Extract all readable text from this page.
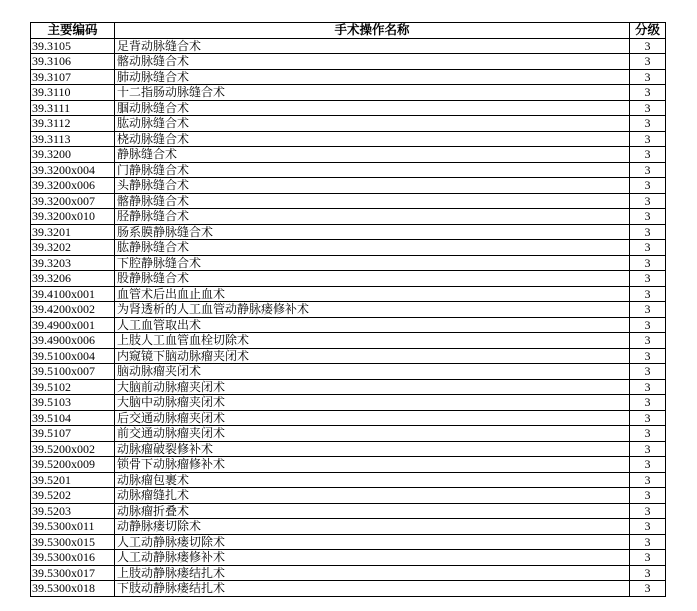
主要编码	手术操作名称	分级
39.3105	足背动脉缝合术	3
39.3106	髂动脉缝合术	3
39.3107	肺动脉缝合术	3
39.3110	十二指肠动脉缝合术	3
39.3111	腘动脉缝合术	3
39.3112	肱动脉缝合术	3
39.3113	桡动脉缝合术	3
39.3200	静脉缝合术	3
39.3200x004	门静脉缝合术	3
39.3200x006	头静脉缝合术	3
39.3200x007	髂静脉缝合术	3
39.3200x010	胫静脉缝合术	3
39.3201	肠系膜静脉缝合术	3
39.3202	肱静脉缝合术	3
39.3203	下腔静脉缝合术	3
39.3206	股静脉缝合术	3
39.4100x001	血管术后出血止血术	3
39.4200x002	为肾透析的人工血管动静脉瘘修补术	3
39.4900x001	人工血管取出术	3
39.4900x006	上肢人工血管血栓切除术	3
39.5100x004	内窥镜下脑动脉瘤夹闭术	3
39.5100x007	脑动脉瘤夹闭术	3
39.5102	大脑前动脉瘤夹闭术	3
39.5103	大脑中动脉瘤夹闭术	3
39.5104	后交通动脉瘤夹闭术	3
39.5107	前交通动脉瘤夹闭术	3
39.5200x002	动脉瘤破裂修补术	3
39.5200x009	锁骨下动脉瘤修补术	3
39.5201	动脉瘤包裹术	3
39.5202	动脉瘤缝扎术	3
39.5203	动脉瘤折叠术	3
39.5300x011	动静脉瘘切除术	3
39.5300x015	人工动静脉瘘切除术	3
39.5300x016	人工动静脉瘘修补术	3
39.5300x017	上肢动静脉瘘结扎术	3
39.5300x018	下肢动静脉瘘结扎术	3
